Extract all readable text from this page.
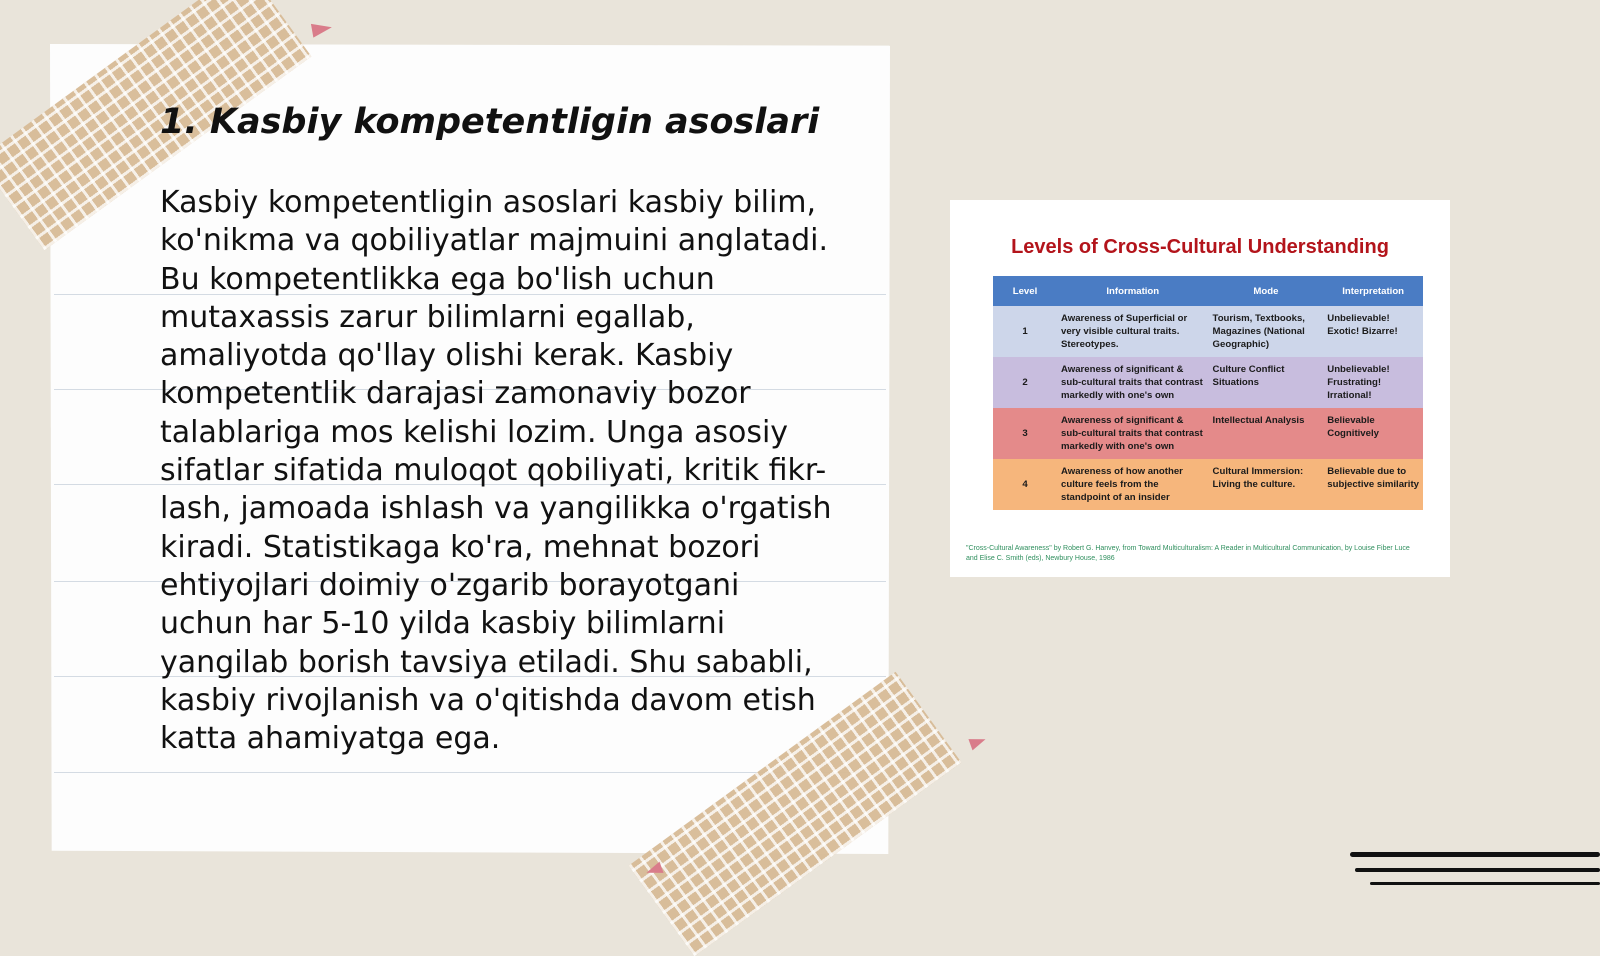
1. Kasbiy kompetentligin asoslari
Kasbiy kompetentligin asoslari kasbiy bilim, ko'nikma va qobiliyatlar majmuini anglatadi. Bu kompetentlikka ega bo'lish uchun mutaxassis zarur bilimlarni egallab, amaliyotda qo'llay olishi kerak. Kasbiy kompetentlik darajasi zamonaviy bozor talablariga mos kelishi lozim. Unga asosiy sifatlar sifatida muloqot qobiliyati, kritik fikr-lash, jamoada ishlash va yangilikka o'rgatish kiradi. Statistikaga ko'ra, mehnat bozori ehtiyojlari doimiy o'zgarib borayotgani uchun har 5-10 yilda kasbiy bilimlarni yangilab borish tavsiya etiladi. Shu sababli, kasbiy rivojlanish va o'qitishda davom etish katta ahamiyatga ega.
Levels of Cross-Cultural Understanding
Level	Information	Mode	Interpretation
1	Awareness of Superficial or very visible cultural traits. Stereotypes.	Tourism, Textbooks, Magazines (National Geographic)	Unbelievable! Exotic! Bizarre!
2	Awareness of significant & sub-cultural traits that contrast markedly with one's own	Culture Conflict Situations	Unbelievable! Frustrating! Irrational!
3	Awareness of significant & sub-cultural traits that contrast markedly with one's own	Intellectual Analysis	Believable Cognitively
4	Awareness of how another culture feels from the standpoint of an insider	Cultural Immersion: Living the culture.	Believable due to subjective similarity
"Cross-Cultural Awareness" by Robert G. Hanvey, from Toward Multiculturalism: A Reader in Multicultural Communication, by Louise Fiber Luce and Elise C. Smith (eds), Newbury House, 1986
